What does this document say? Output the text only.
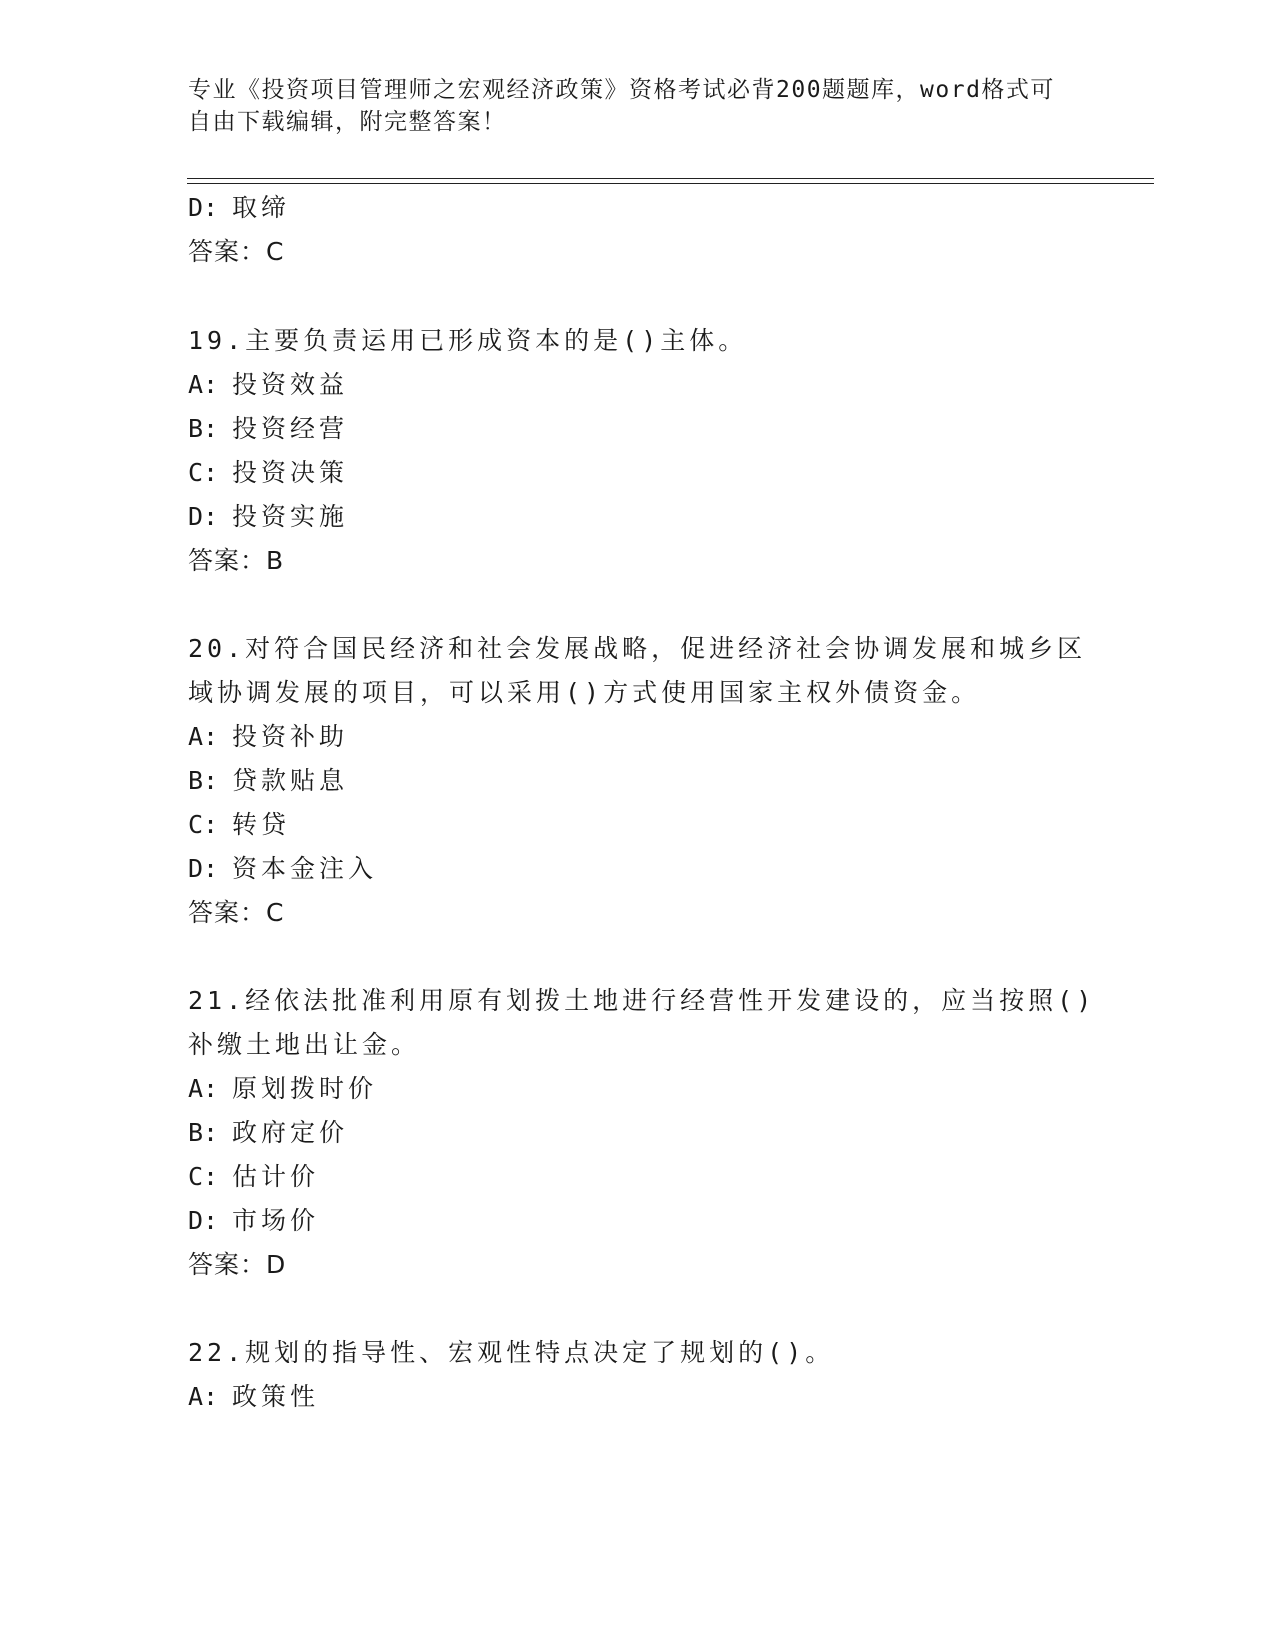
专业《投资项目管理师之宏观经济政策》资格考试必背200题题库，word格式可
自由下载编辑，附完整答案！
D: 取缔
答案：C
19.主要负责运用已形成资本的是()主体。
A: 投资效益
B: 投资经营
C: 投资决策
D: 投资实施
答案：B
20.对符合国民经济和社会发展战略，促进经济社会协调发展和城乡区
域协调发展的项目，可以采用()方式使用国家主权外债资金。
A: 投资补助
B: 贷款贴息
C: 转贷
D: 资本金注入
答案：C
21.经依法批准利用原有划拨土地进行经营性开发建设的，应当按照()
补缴土地出让金。
A: 原划拨时价
B: 政府定价
C: 估计价
D: 市场价
答案：D
22.规划的指导性、宏观性特点决定了规划的()。
A: 政策性
